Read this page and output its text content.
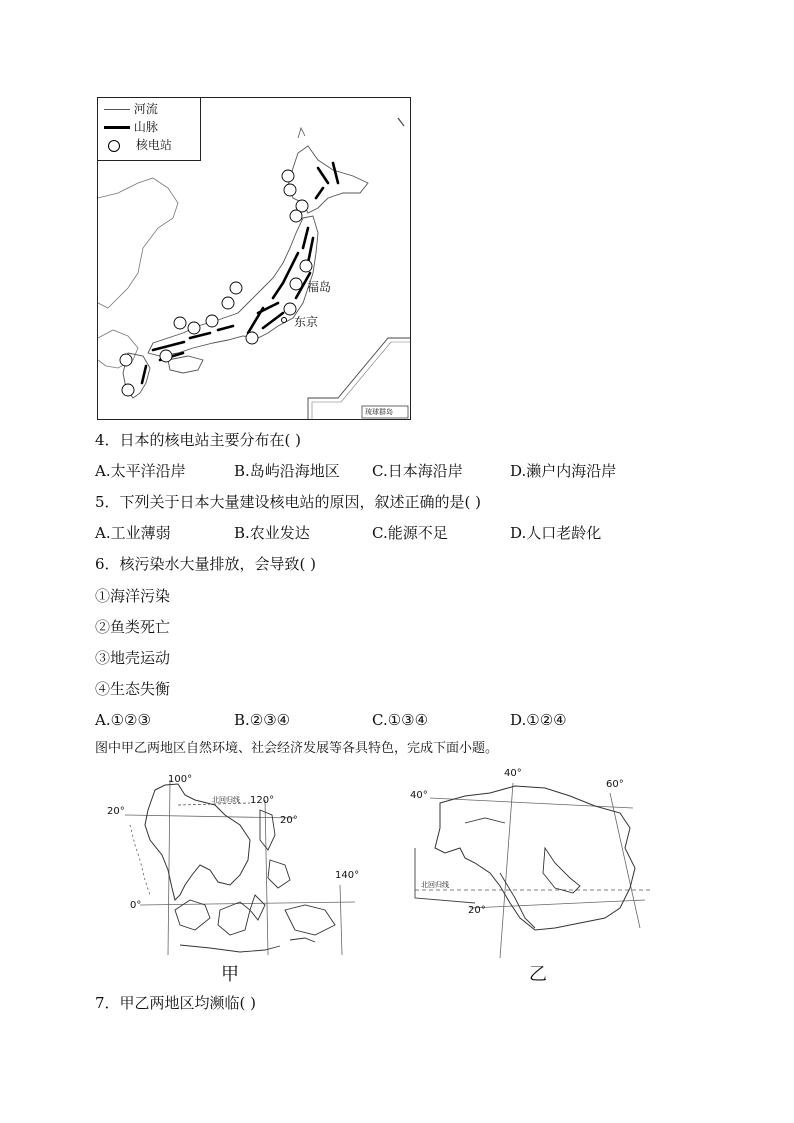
河流
山脉
核电站
福岛
东京
琉球群岛
4．日本的核电站主要分布在( )
A.太平洋沿岸	B.岛屿沿海地区 C.日本海沿岸	D.濑户内海沿岸
5．下列关于日本大量建设核电站的原因，叙述正确的是( )
A.工业薄弱	B.农业发达	C.能源不足	D.人口老龄化
6．核污染水大量排放，会导致( )
①海洋污染
②鱼类死亡
③地壳运动
④生态失衡
A.①②③	B.②③④	C.①③④	D.①②④
图中甲乙两地区自然环境、社会经济发展等各具特色，完成下面小题。
100°
120°
140°
20°
20°
0°
北回归线
甲
40°
60°
40°
20°
北回归线
乙
7．甲乙两地区均濒临( )
